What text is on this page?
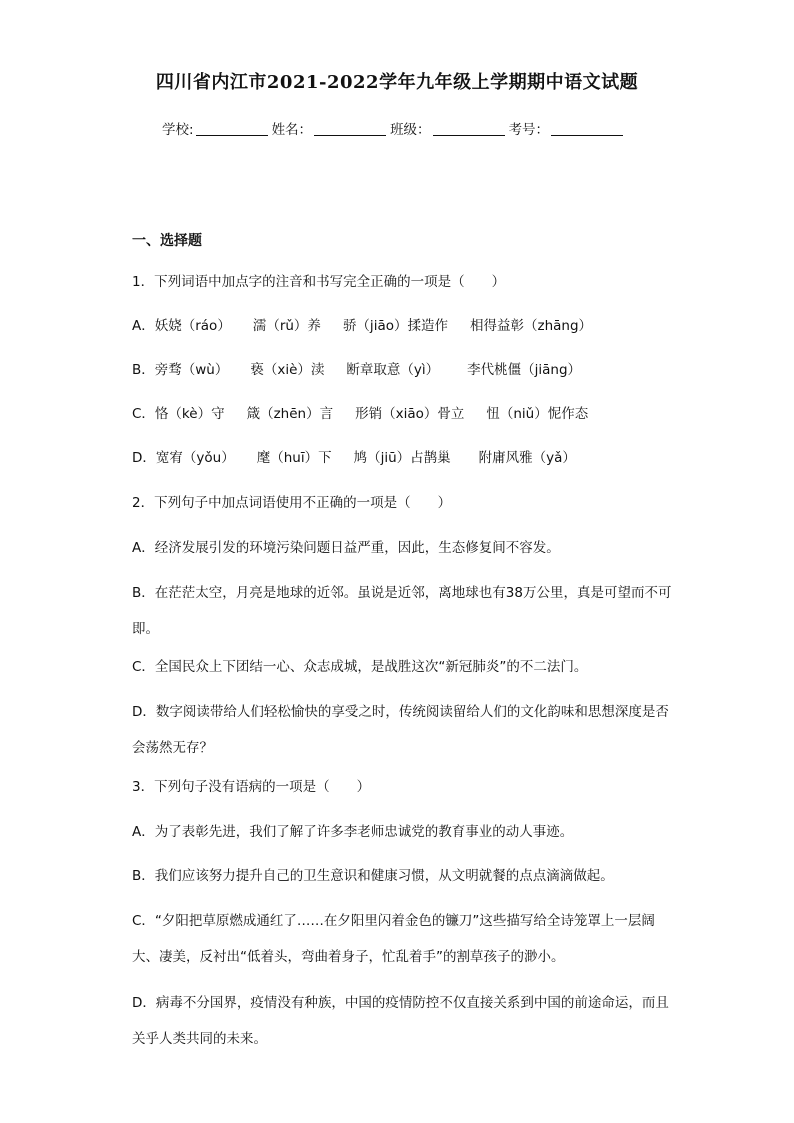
四川省内江市2021-2022学年九年级上学期期中语文试题
学校:	姓名：	班级：	考号：
一、选择题
1．下列词语中加点字的注音和书写完全正确的一项是（　　）
A．妖娆（ráo） 濡（rǔ）养 骄（jiāo）揉造作 相得益彰（zhāng）
B．旁骛（wù） 亵（xiè）渎 断章取意（yì） 李代桃僵（jiāng）
C．恪（kè）守 箴（zhēn）言 形销（xiāo）骨立 忸（niǔ）怩作态
D．宽宥（yǒu） 麾（huī）下 鸠（jiū）占鹊巢 附庸风雅（yǎ）
2．下列句子中加点词语使用不正确的一项是（　　）
A．经济发展引发的环境污染问题日益严重，因此，生态修复间不容发。
B．在茫茫太空，月亮是地球的近邻。虽说是近邻，离地球也有38万公里，真是可望而不可即。
C．全国民众上下团结一心、众志成城，是战胜这次“新冠肺炎”的不二法门。
D．数字阅读带给人们轻松愉快的享受之时，传统阅读留给人们的文化韵味和思想深度是否会荡然无存？
3．下列句子没有语病的一项是（　　）
A．为了表彰先进，我们了解了许多李老师忠诚党的教育事业的动人事迹。
B．我们应该努力提升自己的卫生意识和健康习惯，从文明就餐的点点滴滴做起。
C．“夕阳把草原燃成通红了……在夕阳里闪着金色的镰刀”这些描写给全诗笼罩上一层阔大、凄美，反衬出“低着头，弯曲着身子，忙乱着手”的割草孩子的渺小。
D．病毒不分国界，疫情没有种族，中国的疫情防控不仅直接关系到中国的前途命运，而且关乎人类共同的未来。
